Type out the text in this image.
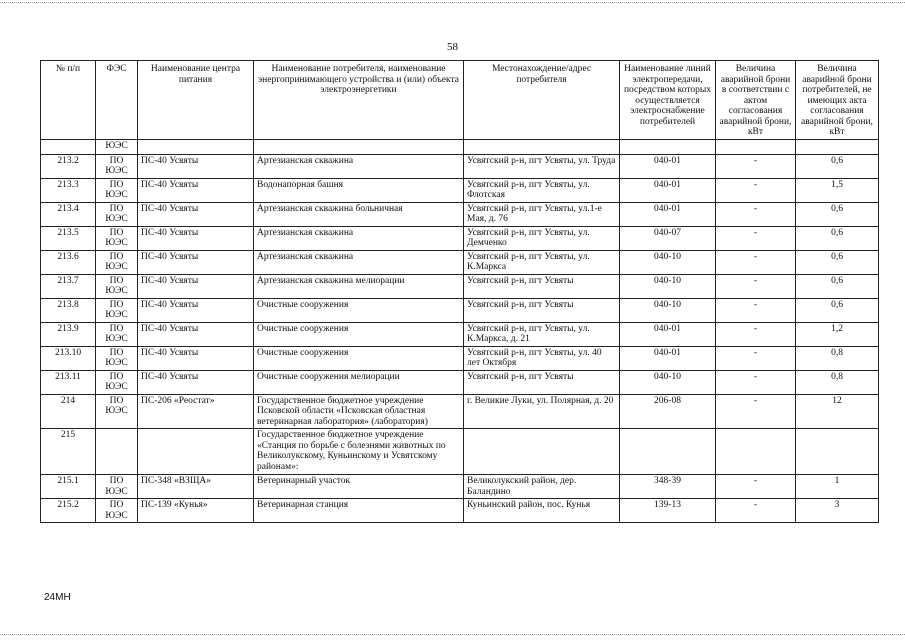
58
№ п/п	ФЭС	Наименование центра питания	Наименование потребителя, наименование энергопринимающего устройства и (или) объекта электроэнергетики	Местонахождение/адрес потребителя	Наименование линий электропередачи, посредством которых осуществляется электроснабжение потребителей	Величина аварийной брони в соответствии с актом согласования аварийной брони, кВт	Величина аварийной брони потребителей, не имеющих акта согласования аварийной брони, кВт
	ЮЭС						
213.2	ПО ЮЭС	ПС-40 Усвяты	Артезианская скважина	Усвятский р-н, пгт Усвяты, ул. Труда	040-01	-	0,6
213.3	ПО ЮЭС	ПС-40 Усвяты	Водонапорная башня	Усвятский р-н, пгт Усвяты, ул. Флотская	040-01	-	1,5
213.4	ПО ЮЭС	ПС-40 Усвяты	Артезианская скважина больничная	Усвятский р-н, пгт Усвяты, ул.1-е Мая, д. 76	040-01	-	0,6
213.5	ПО ЮЭС	ПС-40 Усвяты	Артезианская скважина	Усвятский р-н, пгт Усвяты, ул. Демченко	040-07	-	0,6
213.6	ПО ЮЭС	ПС-40 Усвяты	Артезианская скважина	Усвятский р-н, пгт Усвяты, ул. К.Маркса	040-10	-	0,6
213.7	ПО ЮЭС	ПС-40 Усвяты	Артезианская скважина мелиорации	Усвятский р-н, пгт Усвяты	040-10	-	0,6
213.8	ПО ЮЭС	ПС-40 Усвяты	Очистные сооружения	Усвятский р-н, пгт Усвяты	040-10	-	0,6
213.9	ПО ЮЭС	ПС-40 Усвяты	Очистные сооружения	Усвятский р-н, пгт Усвяты, ул. К.Маркса, д. 21	040-01	-	1,2
213.10	ПО ЮЭС	ПС-40 Усвяты	Очистные сооружения	Усвятский р-н, пгт Усвяты, ул. 40 лет Октября	040-01	-	0,8
213.11	ПО ЮЭС	ПС-40 Усвяты	Очистные сооружения мелиорации	Усвятский р-н, пгт Усвяты	040-10	-	0,8
214	ПО ЮЭС	ПС-206 «Реостат»	Государственное бюджетное учреждение Псковской области «Псковская областная ветеринарная лаборатория» (лаборатория)	г. Великие Луки, ул. Полярная, д. 20	206-08	-	12
215			Государственное бюджетное учреждение «Станция по борьбе с болезнями животных по Великолукскому, Куньинскому и Усвятскому районам»:				
215.1	ПО ЮЭС	ПС-348 «ВЗЩА»	Ветеринарный участок	Великолукский район, дер. Баландино	348-39	-	1
215.2	ПО ЮЭС	ПС-139 «Кунья»	Ветеринарная станция	Куньинский район, пос. Кунья	139-13	-	3
24МН
